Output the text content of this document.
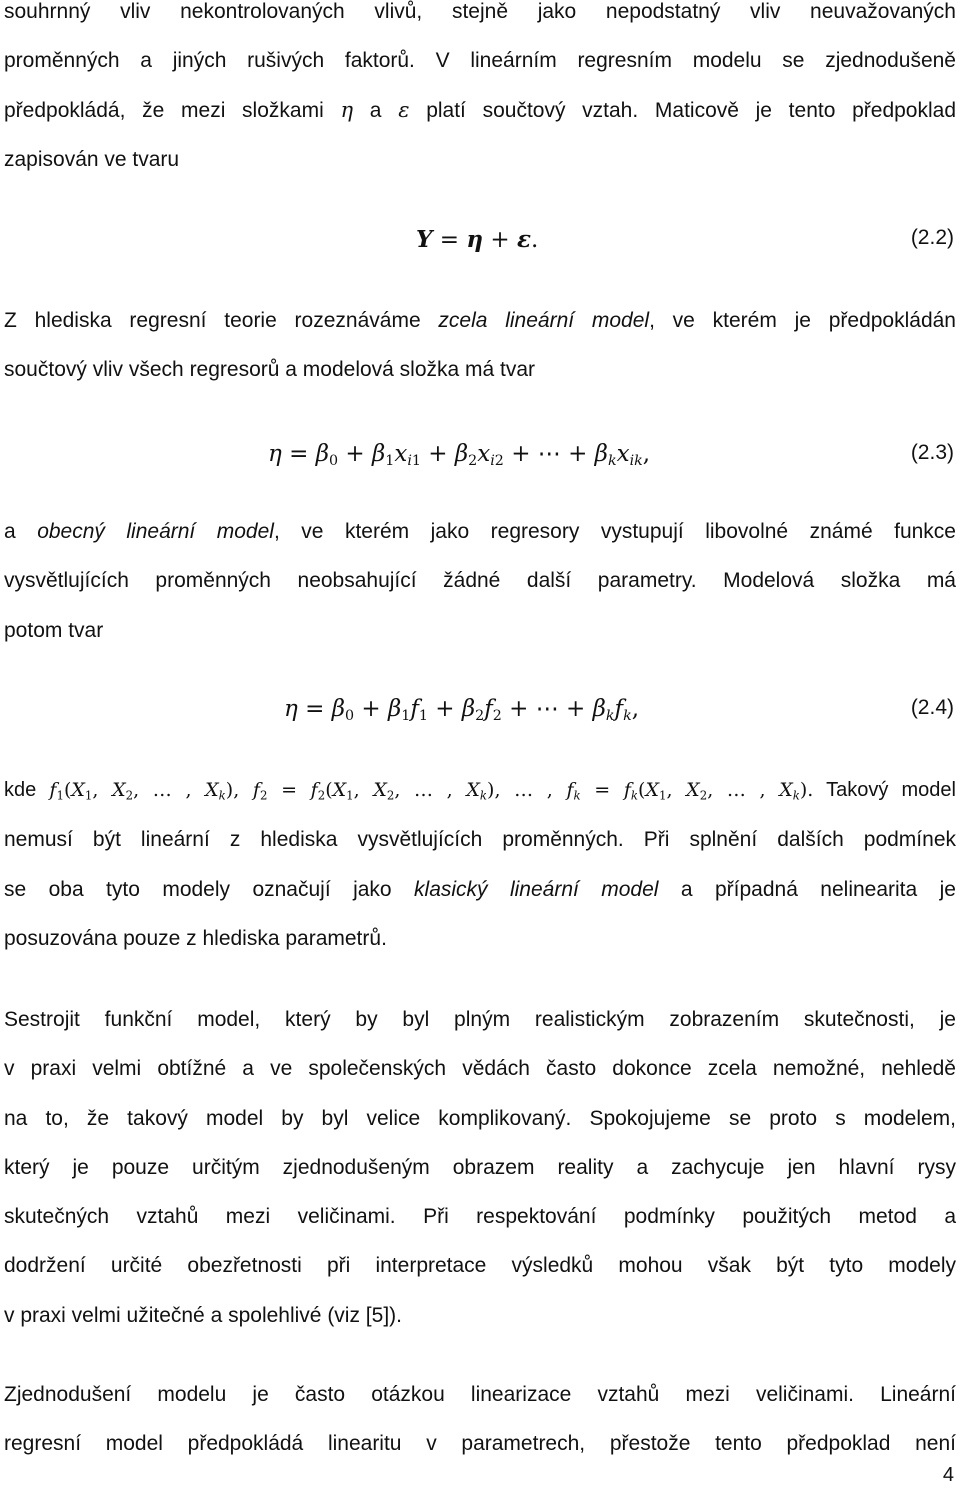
souhrnný vliv nekontrolovaných vlivů, stejně jako nepodstatný vliv neuvažovaných
proměnných a jiných rušivých faktorů. V lineárním regresním modelu se zjednodušeně
předpokládá, že mezi složkami η a ε platí součtový vztah. Maticově je tento předpoklad
zapisován ve tvaru
Y = η + ε.	(2.2)
Z hlediska regresní teorie rozeznáváme zcela lineární model, ve kterém je předpokládán
součtový vliv všech regresorů a modelová složka má tvar
$\eta = \beta_0 + \beta_1x_{i1} + \beta_2x_{i2}$ + ⋯ + $\beta_kx_{ik}$,	(2.3)
a obecný lineární model, ve kterém jako regresory vystupují libovolné známé funkce
vysvětlujících proměnných neobsahující žádné další parametry. Modelová složka má
potom tvar
$\eta = \beta_0 + \beta_1f_1 + \beta_2f_2$ + ⋯ + $\beta_kf_k$,	(2.4)
kde $f_1(X_1$, $X_2$, … , $X_k$), $f_2 = f_2(X_1$, $X_2$, … , $X_k$), … , $f_k = f_k(X_1$, $X_2$, … , $X_k$). Takový model
nemusí být lineární z hlediska vysvětlujících proměnných. Při splnění dalších podmínek
se oba tyto modely označují jako klasický lineární model a případná nelinearita je
posuzována pouze z hlediska parametrů.
Sestrojit funkční model, který by byl plným realistickým zobrazením skutečnosti, je
v praxi velmi obtížné a ve společenských vědách často dokonce zcela nemožné, nehledě
na to, že takový model by byl velice komplikovaný. Spokojujeme se proto s modelem,
který je pouze určitým zjednodušeným obrazem reality a zachycuje jen hlavní rysy
skutečných vztahů mezi veličinami. Při respektování podmínky použitých metod a
dodržení určité obezřetnosti při interpretace výsledků mohou však být tyto modely
v praxi velmi užitečné a spolehlivé (viz [5]).
Zjednodušení modelu je často otázkou linearizace vztahů mezi veličinami. Lineární
regresní model předpokládá linearitu v parametrech, přestože tento předpoklad není
4
